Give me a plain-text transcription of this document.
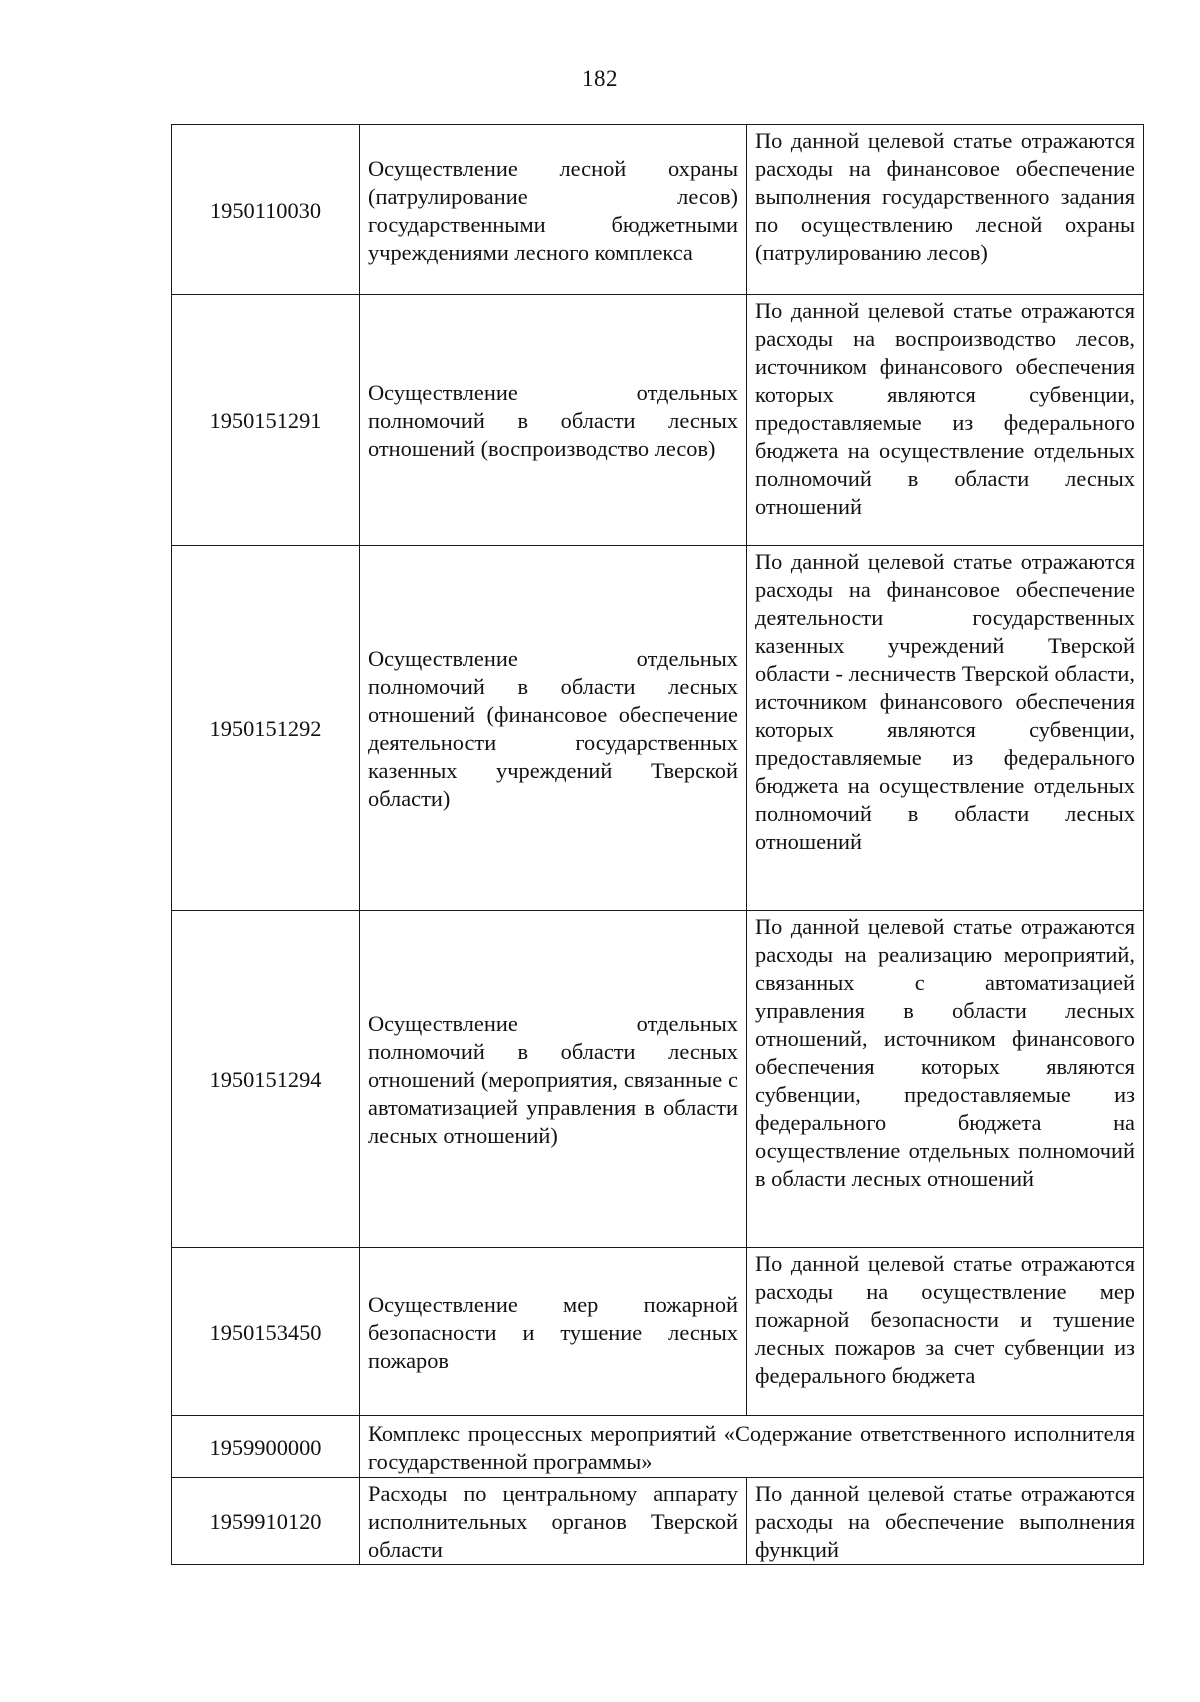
182
1950110030	Осуществление лесной охраны (патрулирование лесов) государственными бюджетными учреждениями лесного комплекса	По данной целевой статье отражаются расходы на финансовое обеспечение выполнения государственного задания по осуществлению лесной охраны (патрулированию лесов)
1950151291	Осуществление отдельных полномочий в области лесных отношений (воспроизводство лесов)	По данной целевой статье отражаются расходы на воспроизводство лесов, источником финансового обеспечения которых являются субвенции, предоставляемые из федерального бюджета на осуществление отдельных полномочий в области лесных отношений
1950151292	Осуществление отдельных полномочий в области лесных отношений (финансовое обеспечение деятельности государственных казенных учреждений Тверской области)	По данной целевой статье отражаются расходы на финансовое обеспечение деятельности государственных казенных учреждений Тверской области - лесничеств Тверской области, источником финансового обеспечения которых являются субвенции, предоставляемые из федерального бюджета на осуществление отдельных полномочий в области лесных отношений
1950151294	Осуществление отдельных полномочий в области лесных отношений (мероприятия, связанные с автоматизацией управления в области лесных отношений)	По данной целевой статье отражаются расходы на реализацию мероприятий, связанных с автоматизацией управления в области лесных отношений, источником финансового обеспечения которых являются субвенции, предоставляемые из федерального бюджета на осуществление отдельных полномочий в области лесных отношений
1950153450	Осуществление мер пожарной безопасности и тушение лесных пожаров	По данной целевой статье отражаются расходы на осуществление мер пожарной безопасности и тушение лесных пожаров за счет субвенции из федерального бюджета
1959900000	Комплекс процессных мероприятий «Содержание ответственного исполнителя государственной программы»	
1959910120	Расходы по центральному аппарату исполнительных органов Тверской области	По данной целевой статье отражаются расходы на обеспечение выполнения функций
